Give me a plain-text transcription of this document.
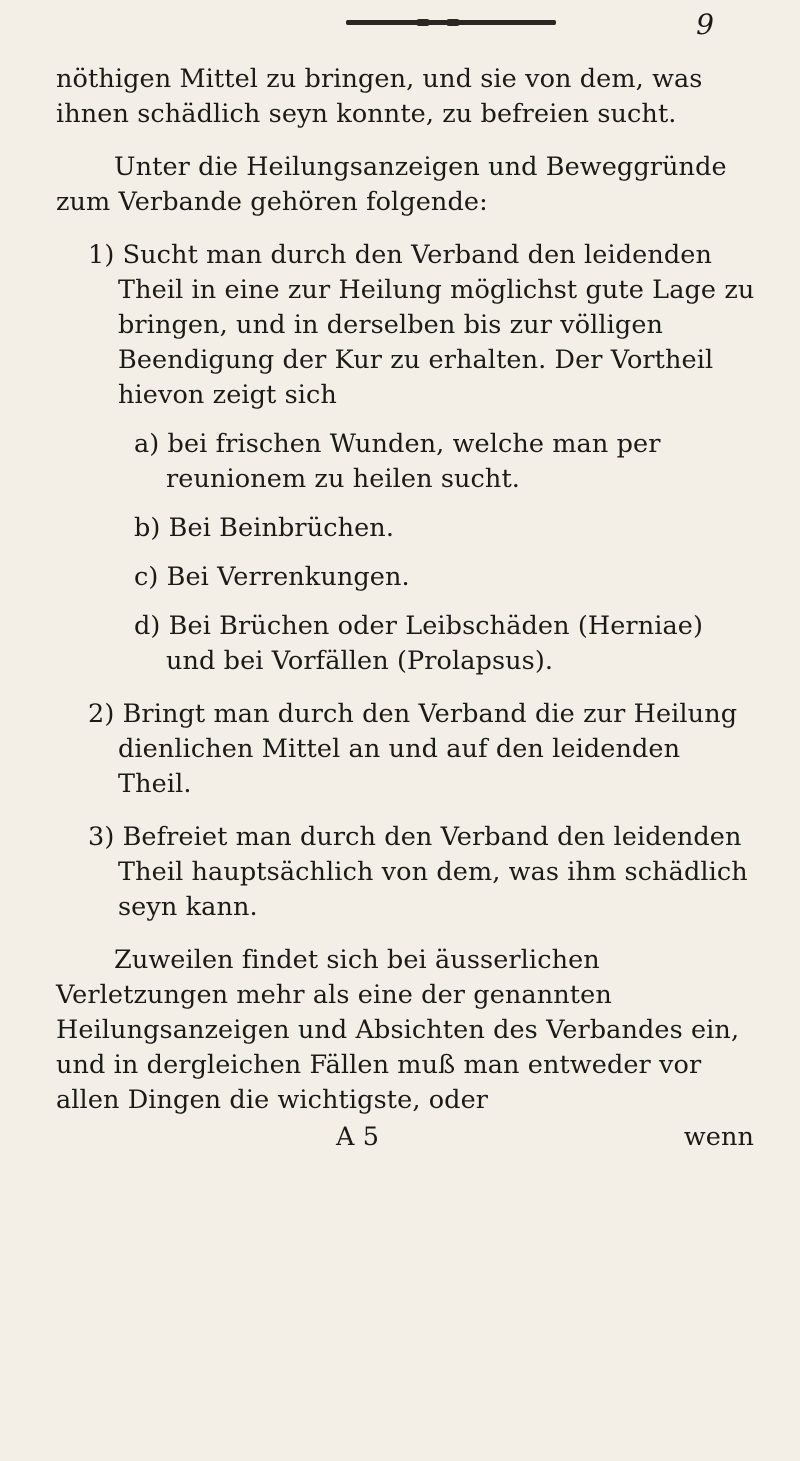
9

nöthigen Mittel zu bringen, und sie von dem, was ihnen schädlich seyn konnte, zu befreien sucht.

Unter die Heilungsanzeigen und Beweggründe zum Verbande gehören folgende:

1) Sucht man durch den Verband den leidenden Theil in eine zur Heilung möglichst gute Lage zu bringen, und in derselben bis zur völligen Beendigung der Kur zu erhalten. Der Vortheil hievon zeigt sich

a) bei frischen Wunden, welche man per reunionem zu heilen sucht.

b) Bei Beinbrüchen.

c) Bei Verrenkungen.

d) Bei Brüchen oder Leibschäden (Herniae) und bei Vorfällen (Prolapsus).

2) Bringt man durch den Verband die zur Heilung dienlichen Mittel an und auf den leidenden Theil.

3) Befreiet man durch den Verband den leidenden Theil hauptsächlich von dem, was ihm schädlich seyn kann.

Zuweilen findet sich bei äusserlichen Verletzungen mehr als eine der genannten Heilungsanzeigen und Absichten des Verbandes ein, und in dergleichen Fällen muß man entweder vor allen Dingen die wichtigste, oder

A 5	wenn
